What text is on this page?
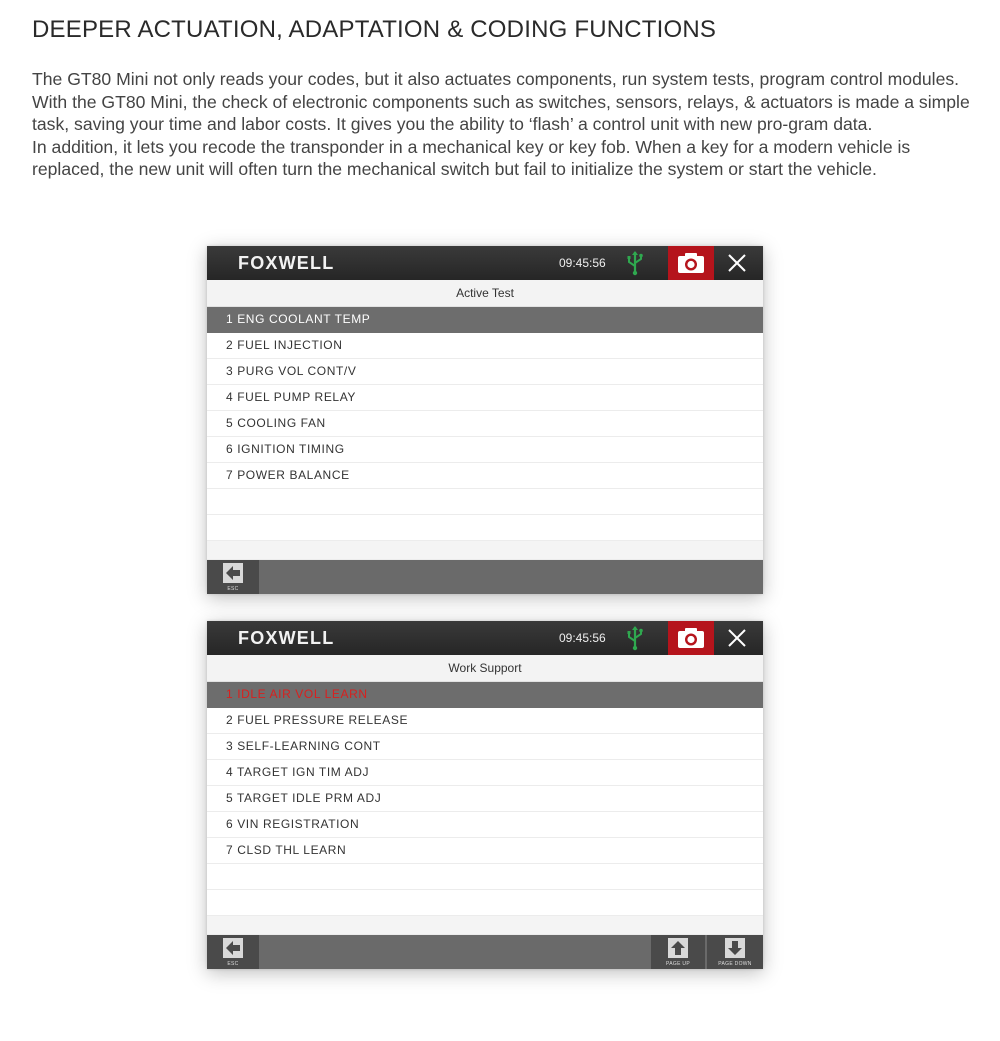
DEEPER ACTUATION, ADAPTATION & CODING FUNCTIONS

The GT80 Mini not only reads your codes, but it also actuates components, run system tests, program control modules. With the GT80 Mini, the check of electronic components such as switches, sensors, relays, & actuators is made a simple task, saving your time and labor costs. It gives you the ability to ‘flash’ a control unit with new pro-gram data.

In addition, it lets you recode the transponder in a mechanical key or key fob. When a key for a modern vehicle is replaced, the new unit will often turn the mechanical switch but fail to initialize the system or start the vehicle.

FOXWELL	09:45:56
Active Test
1 ENG COOLANT TEMP
2 FUEL INJECTION
3 PURG VOL CONT/V
4 FUEL PUMP RELAY
5 COOLING FAN
6 IGNITION TIMING
7 POWER BALANCE
ESC
FOXWELL	09:45:56
Work Support
1 IDLE AIR VOL LEARN
2 FUEL PRESSURE RELEASE
3 SELF-LEARNING CONT
4 TARGET IGN TIM ADJ
5 TARGET IDLE PRM ADJ
6 VIN REGISTRATION
7 CLSD THL LEARN
ESC	PAGE UP	PAGE DOWN
